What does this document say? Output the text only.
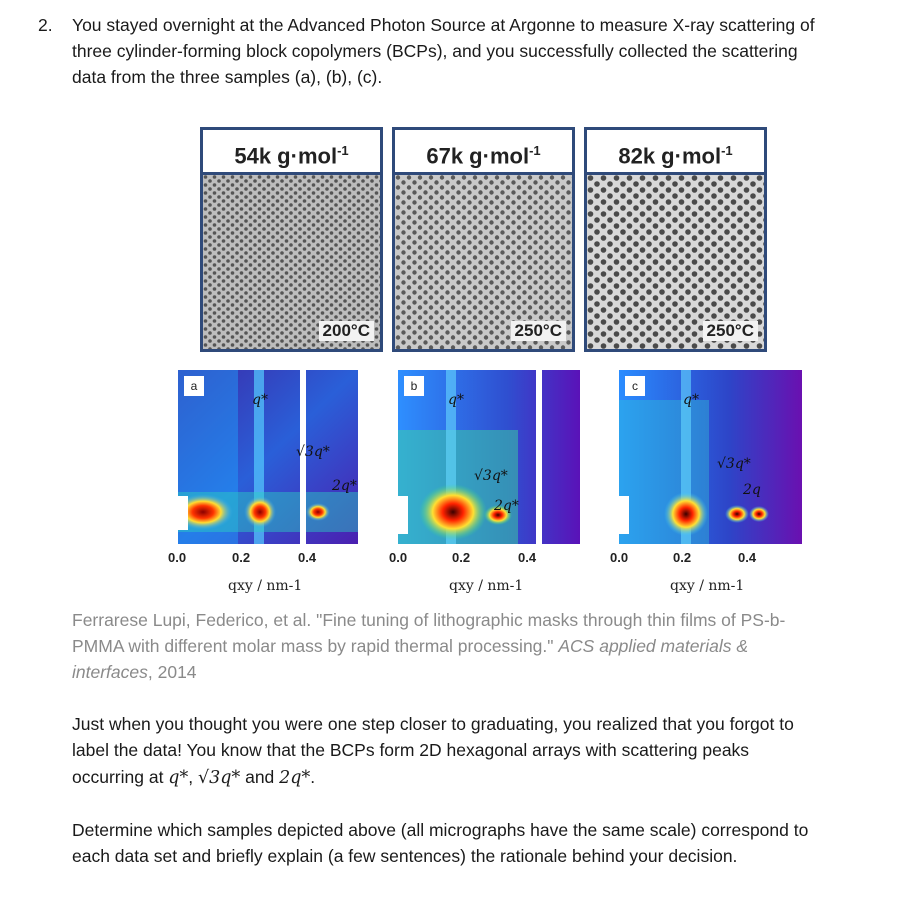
2. You stayed overnight at the Advanced Photon Source at Argonne to measure X-ray scattering of
three cylinder-forming block copolymers (BCPs), and you successfully collected the scattering
data from the three samples (a), (b), (c).
54k g·mol$^{-1}$
200°C
67k g·mol$^{-1}$
250°C
82k g·mol$^{-1}$
250°C
a
q*
√3q*
2q*
b
q*
√3q*
2q*
c
q*
√3q*
2q
0.0	0.2	0.4	0.0	0.2	0.4	0.0	0.2	0.4
qxy / nm-1	qxy / nm-1	qxy / nm-1
Ferrarese Lupi, Federico, et al. "Fine tuning of lithographic masks through thin films of PS-b-
PMMA with different molar mass by rapid thermal processing." ACS applied materials &
interfaces, 2014
Just when you thought you were one step closer to graduating, you realized that you forgot to
label the data! You know that the BCPs form 2D hexagonal arrays with scattering peaks
occurring at q*, √3q* and 2q*.
Determine which samples depicted above (all micrographs have the same scale) correspond to
each data set and briefly explain (a few sentences) the rationale behind your decision.
